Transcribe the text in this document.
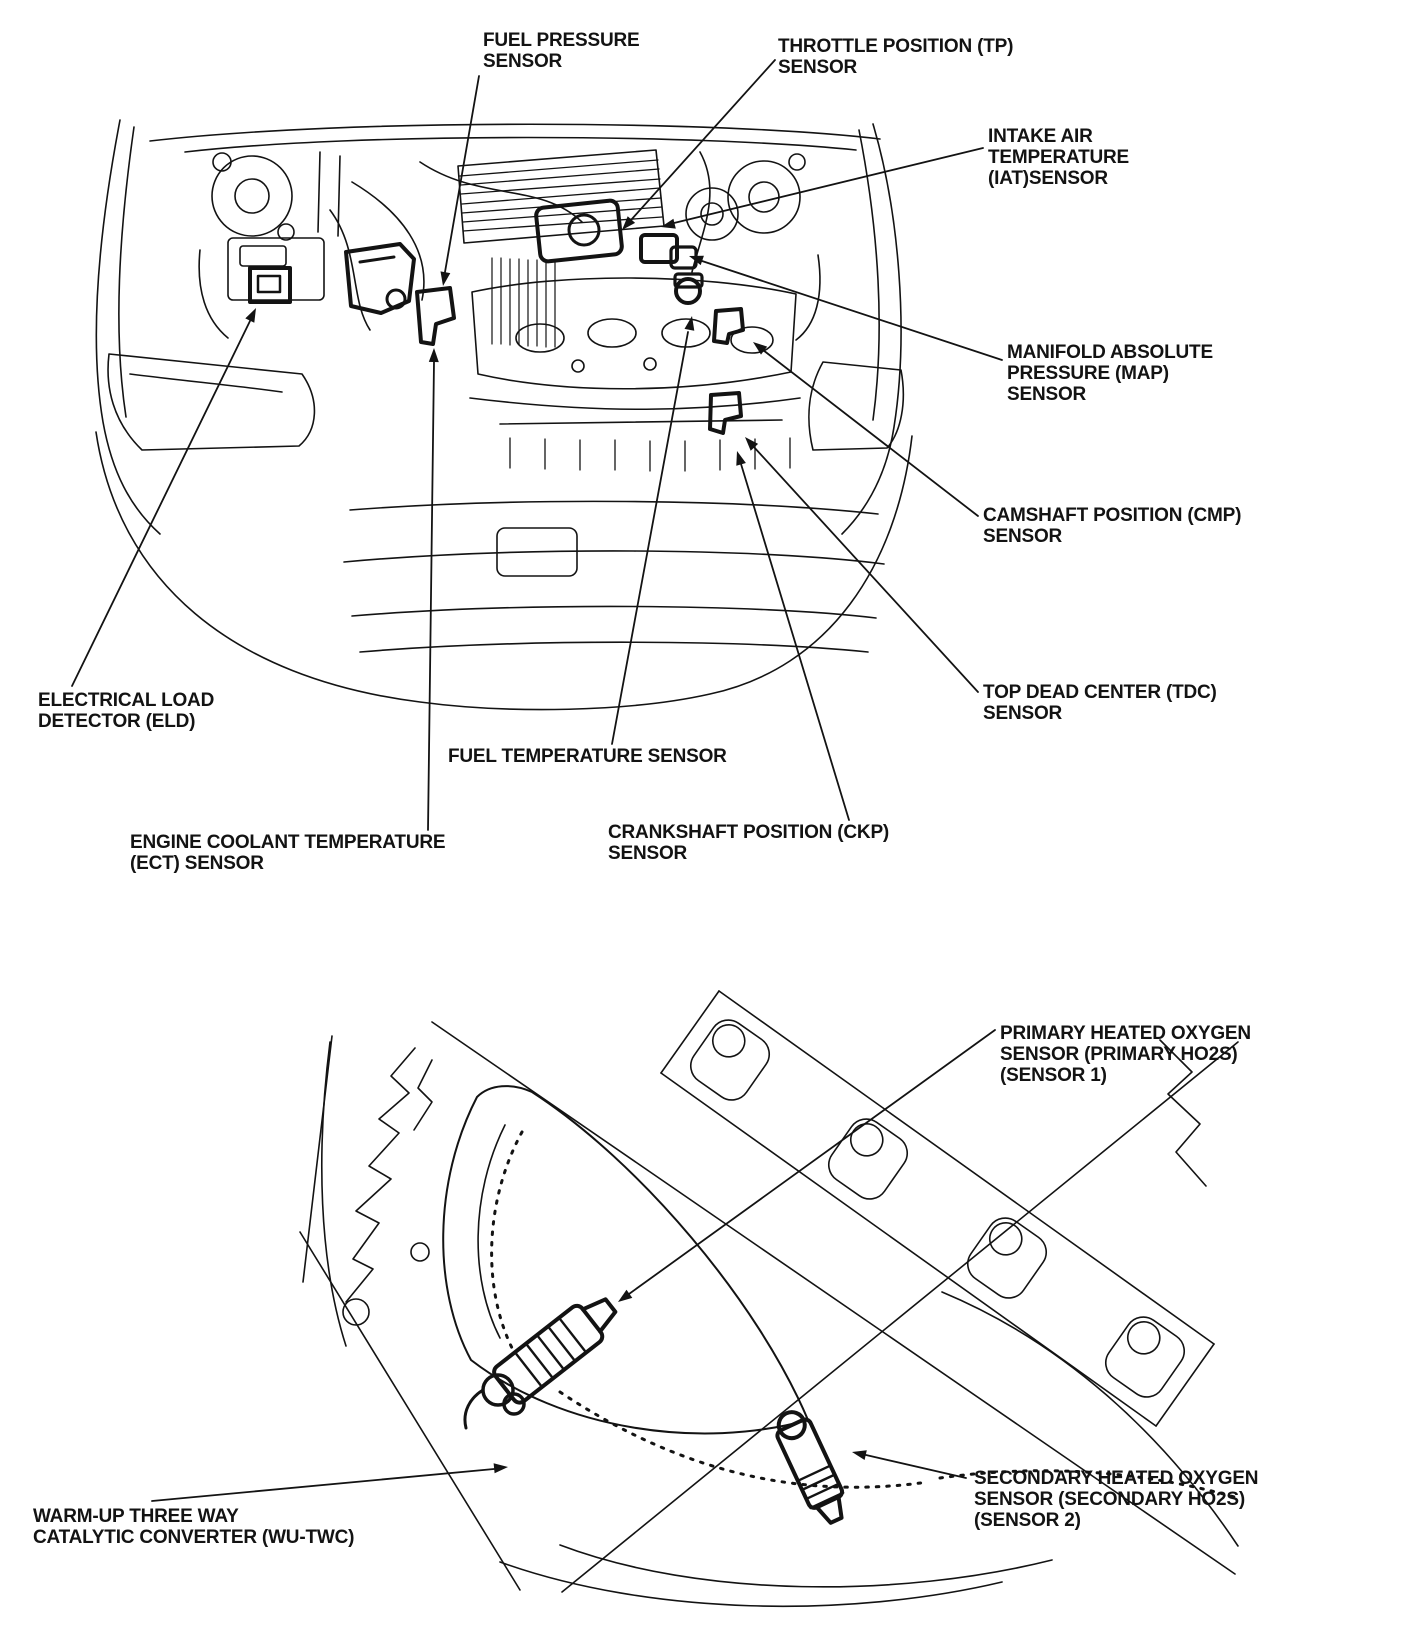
FUEL PRESSURE
SENSOR
THROTTLE POSITION (TP)
SENSOR
INTAKE AIR
TEMPERATURE
(IAT)SENSOR
MANIFOLD ABSOLUTE
PRESSURE (MAP)
SENSOR
CAMSHAFT POSITION (CMP)
SENSOR
TOP DEAD CENTER (TDC)
SENSOR
ELECTRICAL LOAD
DETECTOR (ELD)
FUEL TEMPERATURE SENSOR
ENGINE COOLANT TEMPERATURE
(ECT) SENSOR
CRANKSHAFT POSITION (CKP)
SENSOR
PRIMARY HEATED OXYGEN
SENSOR (PRIMARY HO2S)
(SENSOR 1)
SECONDARY HEATED OXYGEN
SENSOR (SECONDARY HO2S)
(SENSOR 2)
WARM-UP THREE WAY
CATALYTIC CONVERTER (WU-TWC)
